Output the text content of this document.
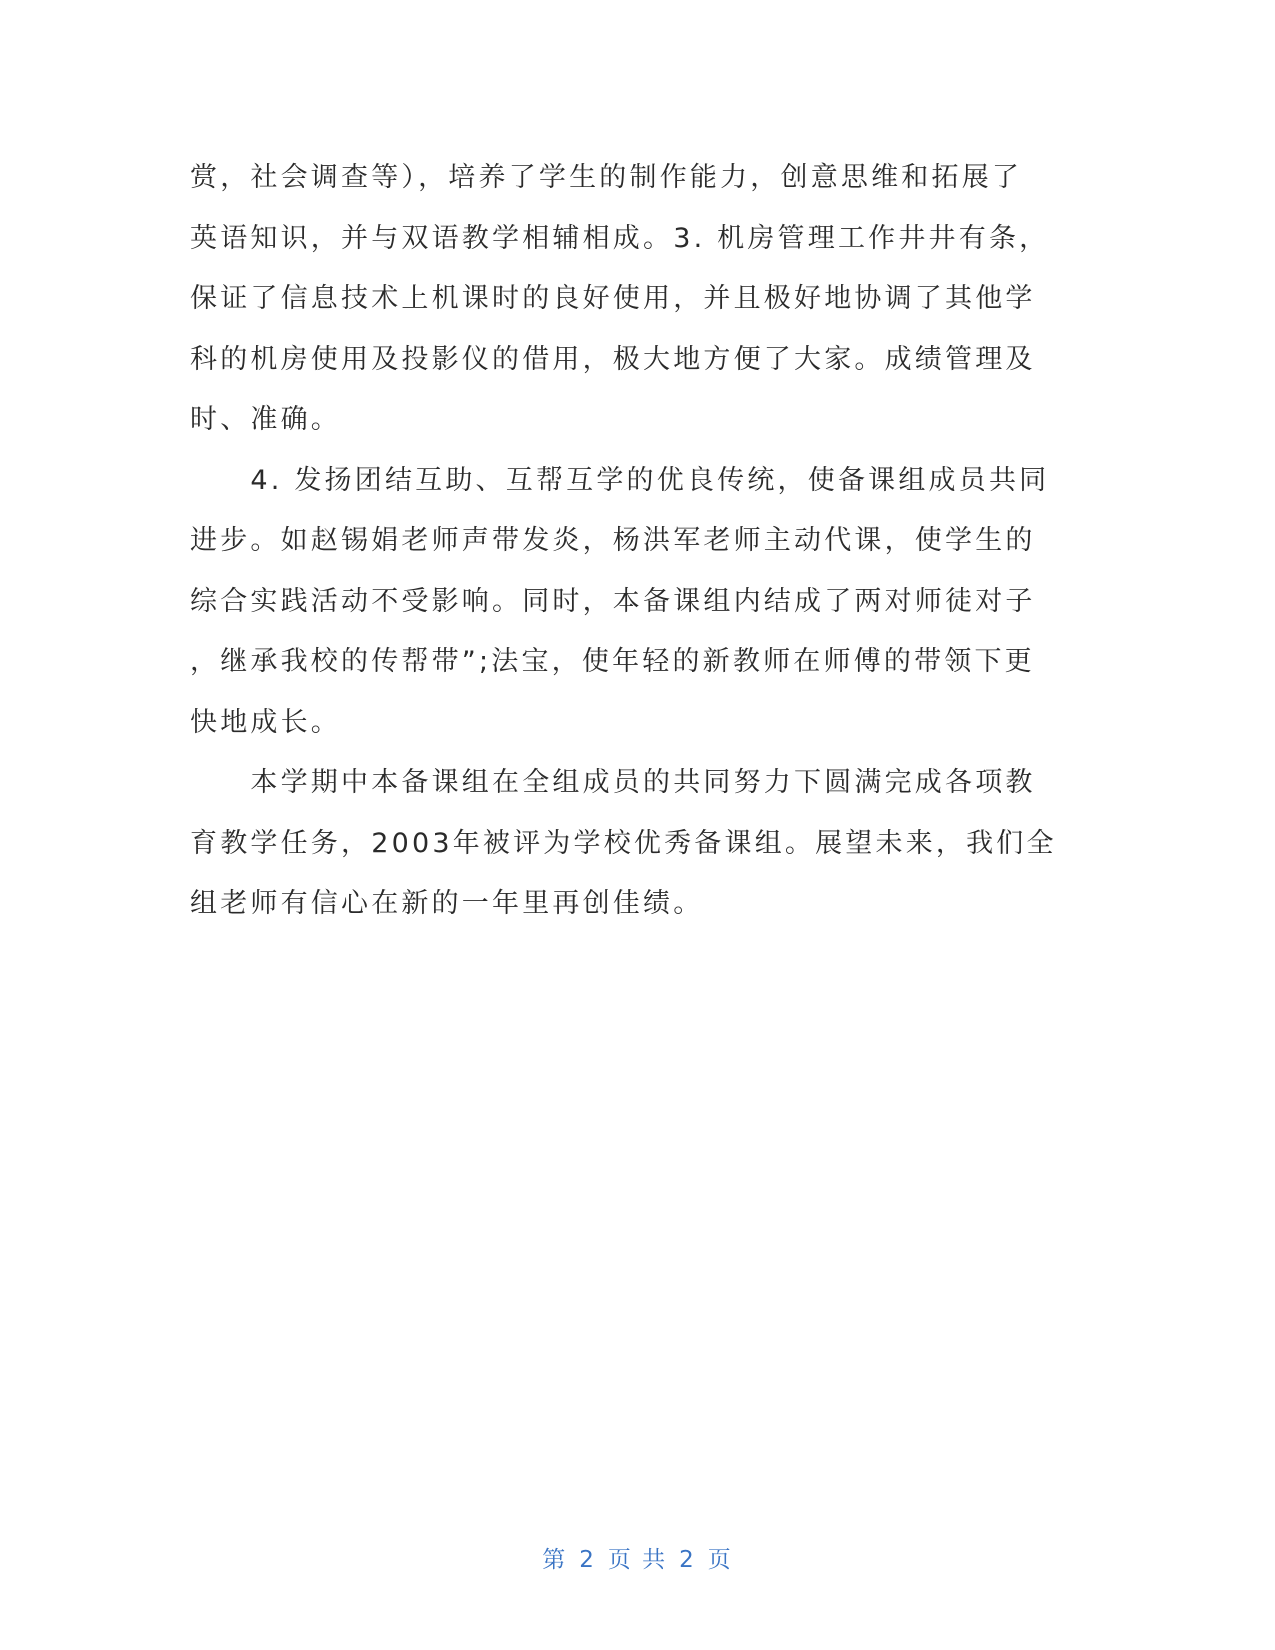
赏，社会调查等），培养了学生的制作能力，创意思维和拓展了
英语知识，并与双语教学相辅相成。3. 机房管理工作井井有条，
保证了信息技术上机课时的良好使用，并且极好地协调了其他学
科的机房使用及投影仪的借用，极大地方便了大家。成绩管理及
时、准确。
　　4. 发扬团结互助、互帮互学的优良传统，使备课组成员共同
进步。如赵锡娟老师声带发炎，杨洪军老师主动代课，使学生的
综合实践活动不受影响。同时，本备课组内结成了两对师徒对子
，继承我校的传帮带”;法宝，使年轻的新教师在师傅的带领下更
快地成长。
　　本学期中本备课组在全组成员的共同努力下圆满完成各项教
育教学任务，2003年被评为学校优秀备课组。展望未来，我们全
组老师有信心在新的一年里再创佳绩。
第 2 页 共 2 页
